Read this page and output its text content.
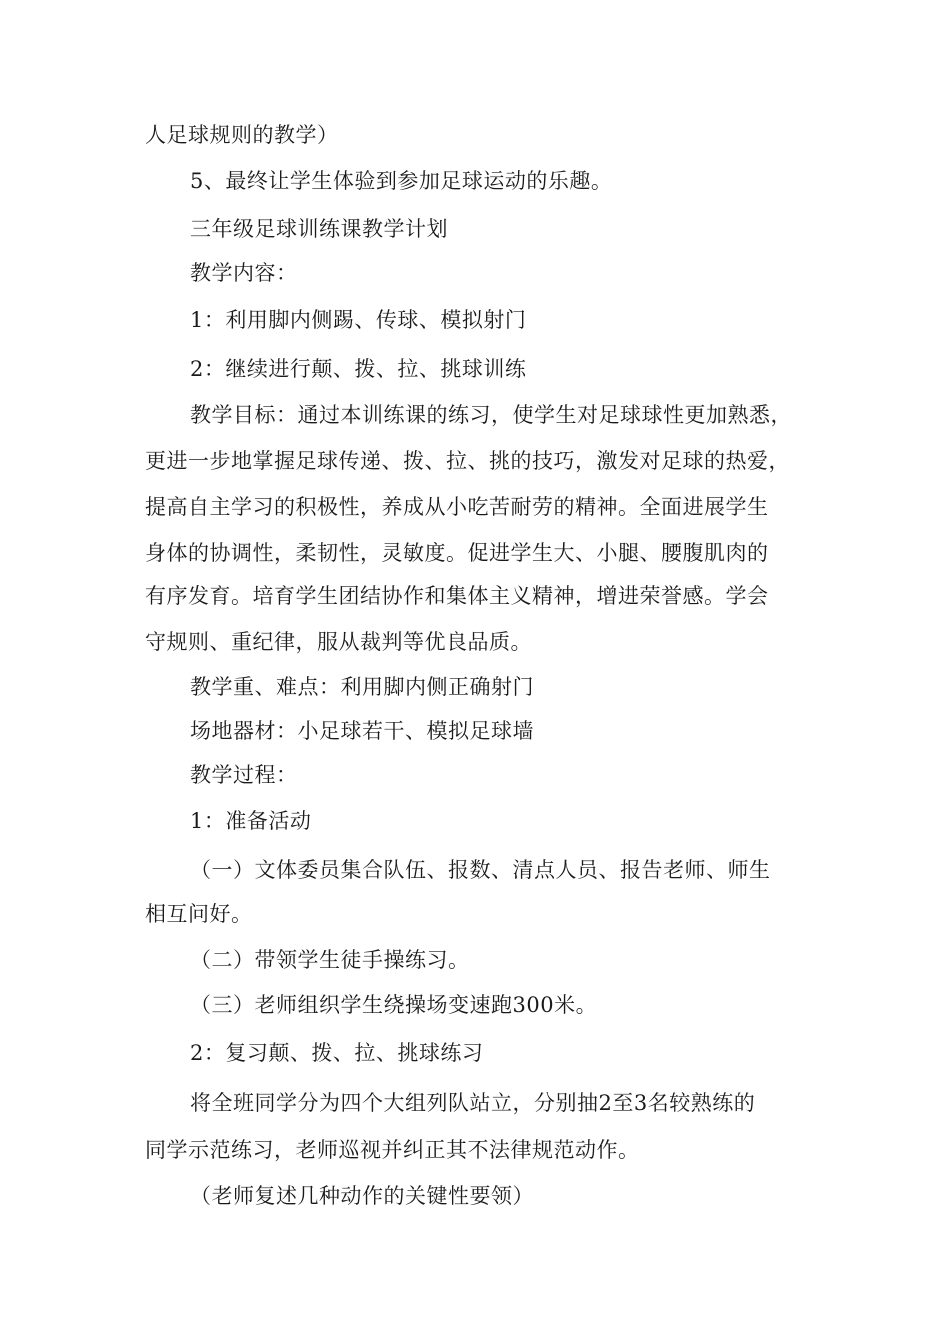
人足球规则的教学）
5、最终让学生体验到参加足球运动的乐趣。
三年级足球训练课教学计划
教学内容：
1：利用脚内侧踢、传球、模拟射门
2：继续进行颠、拨、拉、挑球训练
教学目标：通过本训练课的练习，使学生对足球球性更加熟悉，
更进一步地掌握足球传递、拨、拉、挑的技巧，激发对足球的热爱，
提高自主学习的积极性，养成从小吃苦耐劳的精神。全面进展学生
身体的协调性，柔韧性，灵敏度。促进学生大、小腿、腰腹肌肉的
有序发育。培育学生团结协作和集体主义精神，增进荣誉感。学会
守规则、重纪律，服从裁判等优良品质。
教学重、难点：利用脚内侧正确射门
场地器材：小足球若干、模拟足球墙
教学过程：
1：准备活动
（一）文体委员集合队伍、报数、清点人员、报告老师、师生
相互问好。
（二）带领学生徒手操练习。
（三）老师组织学生绕操场变速跑300米。
2：复习颠、拨、拉、挑球练习
将全班同学分为四个大组列队站立，分别抽2至3名较熟练的
同学示范练习，老师巡视并纠正其不法律规范动作。
（老师复述几种动作的关键性要领）
